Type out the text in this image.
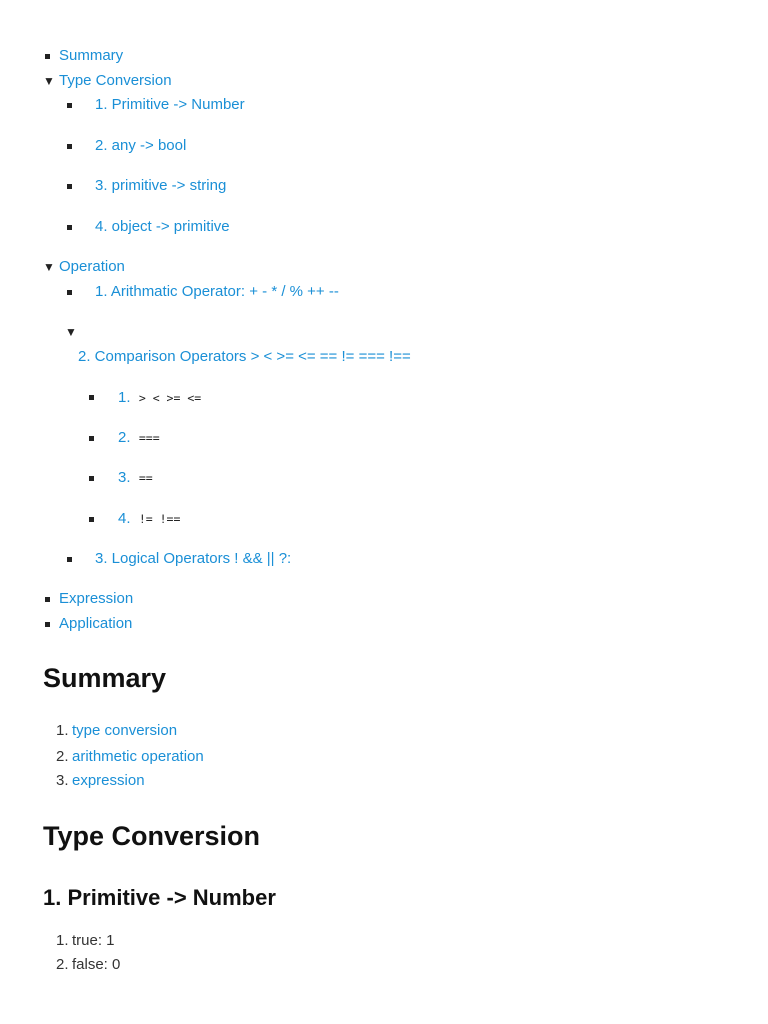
Summary
▼ Type Conversion
1. Primitive -> Number
2. any -> bool
3. primitive -> string
4. object -> primitive
▼ Operation
1. Arithmatic Operator: + - * / % ++ --
▼
2. Comparison Operators > < >= <= == != === !==
1. > < >= <=
2. ===
3. ==
4. != !==
3. Logical Operators ! && || ?:
Expression
Application
Summary
1. type conversion
2. arithmetic operation
3. expression
Type Conversion
1. Primitive -> Number
1. true: 1
2. false: 0
